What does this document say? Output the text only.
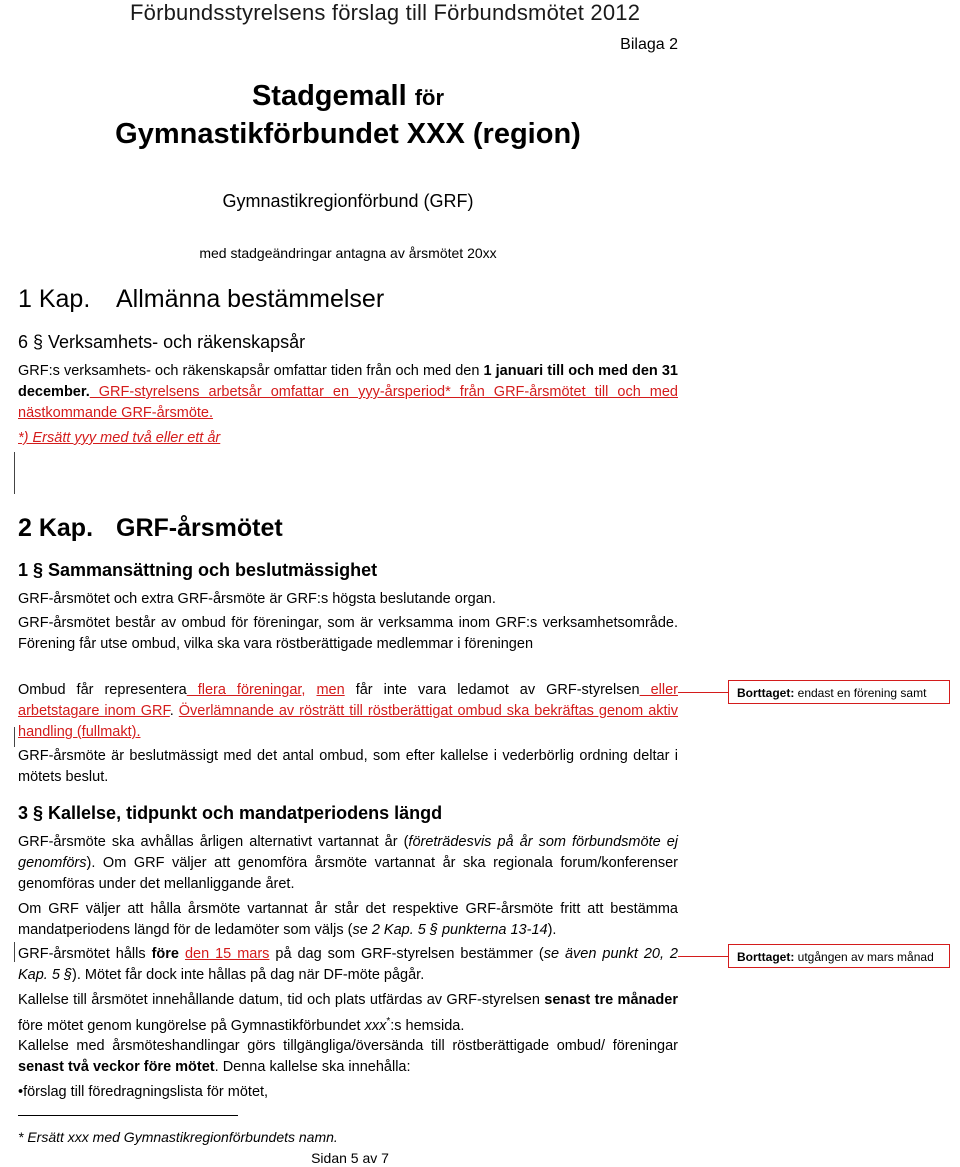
Förbundsstyrelsens förslag till Förbundsmötet 2012
Bilaga 2
Stadgemall för
Gymnastikförbundet XXX (region)
Gymnastikregionförbund (GRF)
med stadgeändringar antagna av årsmötet 20xx
1 Kap. Allmänna bestämmelser
6 § Verksamhets- och räkenskapsår
GRF:s verksamhets- och räkenskapsår omfattar tiden från och med den 1 januari till och med den 31 december. GRF-styrelsens arbetsår omfattar en yyy-årsperiod* från GRF-årsmötet till och med nästkommande GRF-årsmöte.
*) Ersätt yyy med två eller ett år
2 Kap. GRF-årsmötet
1 § Sammansättning och beslutmässighet
GRF-årsmötet och extra GRF-årsmöte är GRF:s högsta beslutande organ.
GRF-årsmötet består av ombud för föreningar, som är verksamma inom GRF:s verksamhetsområde. Förening får utse ombud, vilka ska vara röstberättigade medlemmar i föreningen
Ombud får representera flera föreningar, men får inte vara ledamot av GRF-styrelsen eller arbetstagare inom GRF. Överlämnande av rösträtt till röstberättigat ombud ska bekräftas genom aktiv handling (fullmakt).
GRF-årsmöte är beslutmässigt med det antal ombud, som efter kallelse i vederbörlig ordning deltar i mötets beslut.
3 § Kallelse, tidpunkt och mandatperiodens längd
GRF-årsmöte ska avhållas årligen alternativt vartannat år (företrädesvis på år som förbundsmöte ej genomförs). Om GRF väljer att genomföra årsmöte vartannat år ska regionala forum/konferenser genomföras under det mellanliggande året.
Om GRF väljer att hålla årsmöte vartannat år står det respektive GRF-årsmöte fritt att bestämma mandatperiodens längd för de ledamöter som väljs (se 2 Kap. 5 § punkterna 13-14).
GRF-årsmötet hålls före den 15 mars på dag som GRF-styrelsen bestämmer (se även punkt 20, 2 Kap. 5 §). Mötet får dock inte hållas på dag när DF-möte pågår.
Kallelse till årsmötet innehållande datum, tid och plats utfärdas av GRF-styrelsen senast tre månader före mötet genom kungörelse på Gymnastikförbundet xxx*:s hemsida.
Kallelse med årsmöteshandlingar görs tillgängliga/översända till röstberättigade ombud/ föreningar senast två veckor före mötet. Denna kallelse ska innehålla:
• förslag till föredragningslista för mötet,
Borttaget: endast en förening samt
Borttaget: utgången av mars månad
* Ersätt xxx med Gymnastikregionförbundets namn.
Sidan 5 av 7
